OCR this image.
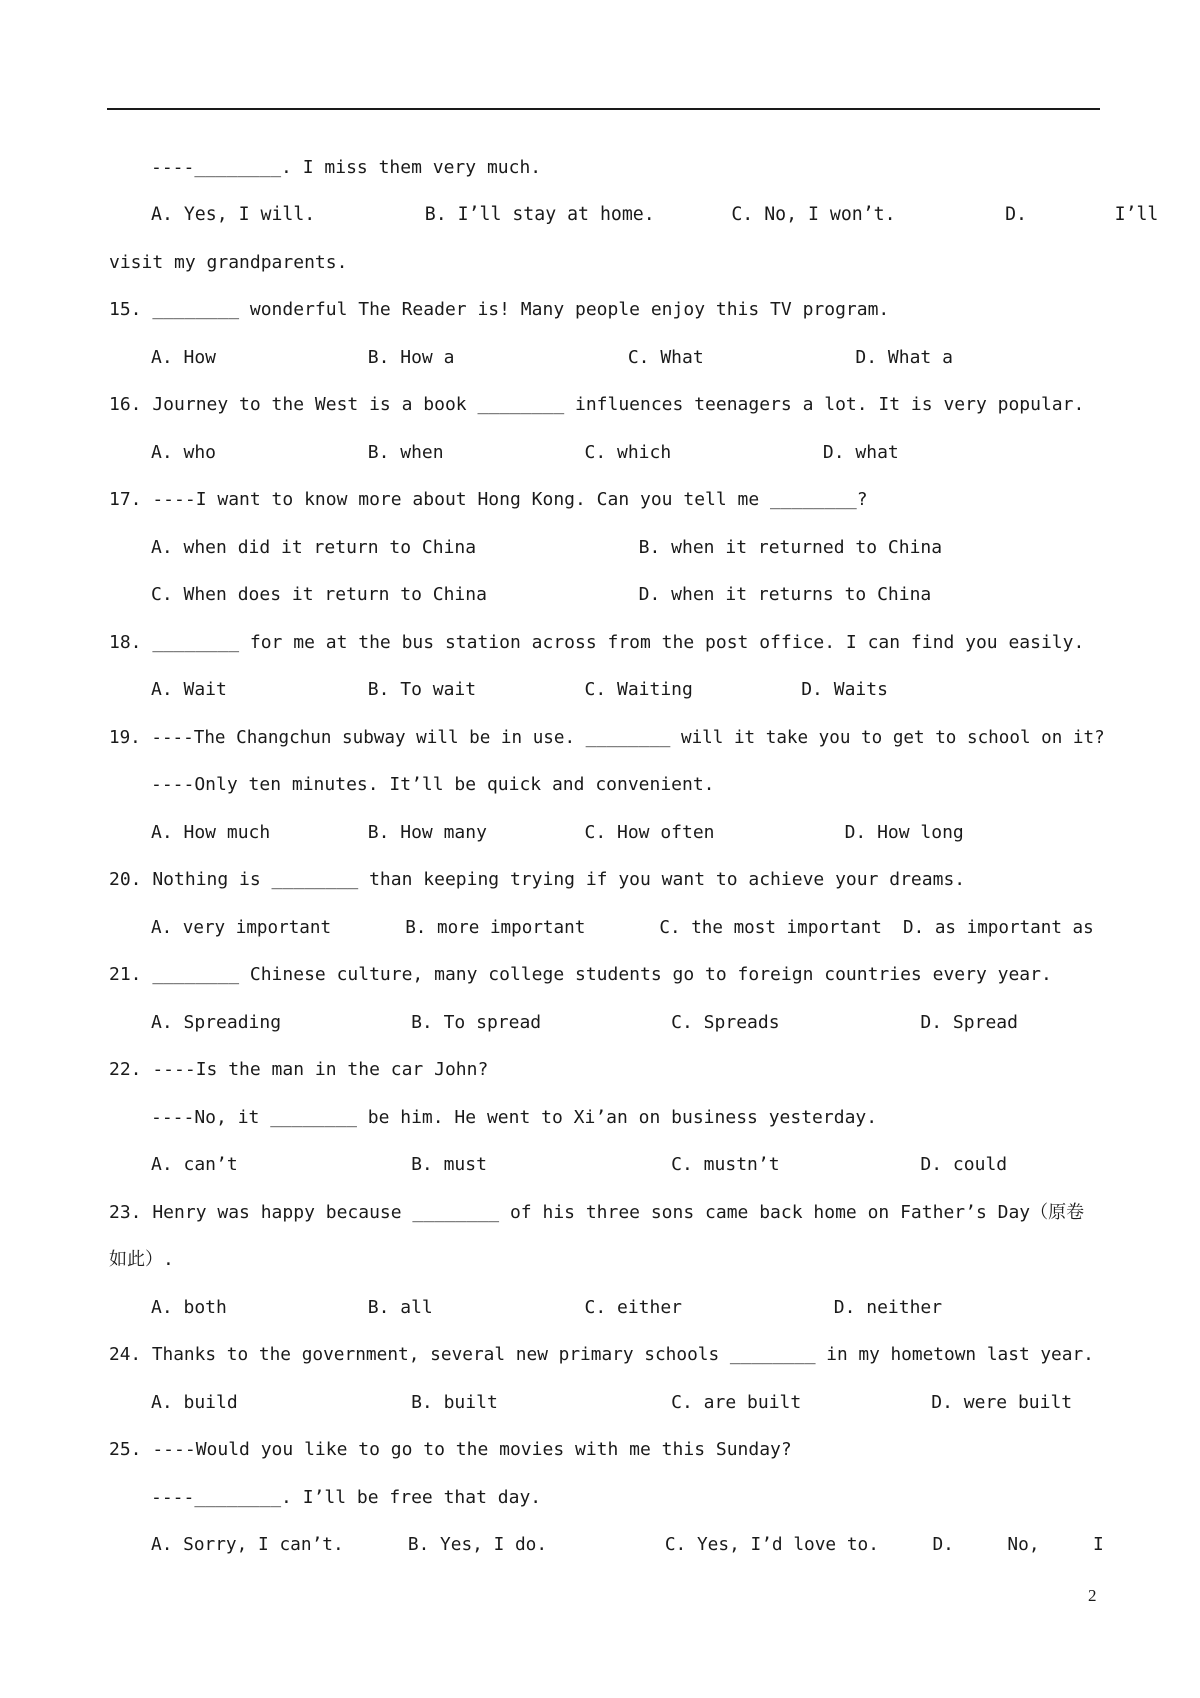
----________. I miss them very much.
A. Yes, I will.          B. I’ll stay at home.       C. No, I won’t.          D.        I’ll
visit my grandparents.
15. ________ wonderful The Reader is! Many people enjoy this TV program.
A. How              B. How a                C. What              D. What a
16. Journey to the West is a book ________ influences teenagers a lot. It is very popular.
A. who              B. when             C. which              D. what
17. ----I want to know more about Hong Kong. Can you tell me ________?
A. when did it return to China               B. when it returned to China
C. When does it return to China              D. when it returns to China
18. ________ for me at the bus station across from the post office. I can find you easily.
A. Wait             B. To wait          C. Waiting          D. Waits
19. ----The Changchun subway will be in use. ________ will it take you to get to school on it?
----Only ten minutes. It’ll be quick and convenient.
A. How much         B. How many         C. How often            D. How long
20. Nothing is ________ than keeping trying if you want to achieve your dreams.
A. very important       B. more important       C. the most important  D. as important as
21. ________ Chinese culture, many college students go to foreign countries every year.
A. Spreading            B. To spread            C. Spreads             D. Spread
22. ----Is the man in the car John?
----No, it ________ be him. He went to Xi’an on business yesterday.
A. can’t                B. must                 C. mustn’t             D. could
23. Henry was happy because ________ of his three sons came back home on Father’s Day（原卷
如此）.
A. both             B. all              C. either              D. neither
24. Thanks to the government, several new primary schools ________ in my hometown last year.
A. build                B. built                C. are built            D. were built
25. ----Would you like to go to the movies with me this Sunday?
----________. I’ll be free that day.
A. Sorry, I can’t.      B. Yes, I do.           C. Yes, I’d love to.     D.     No,     I
2
